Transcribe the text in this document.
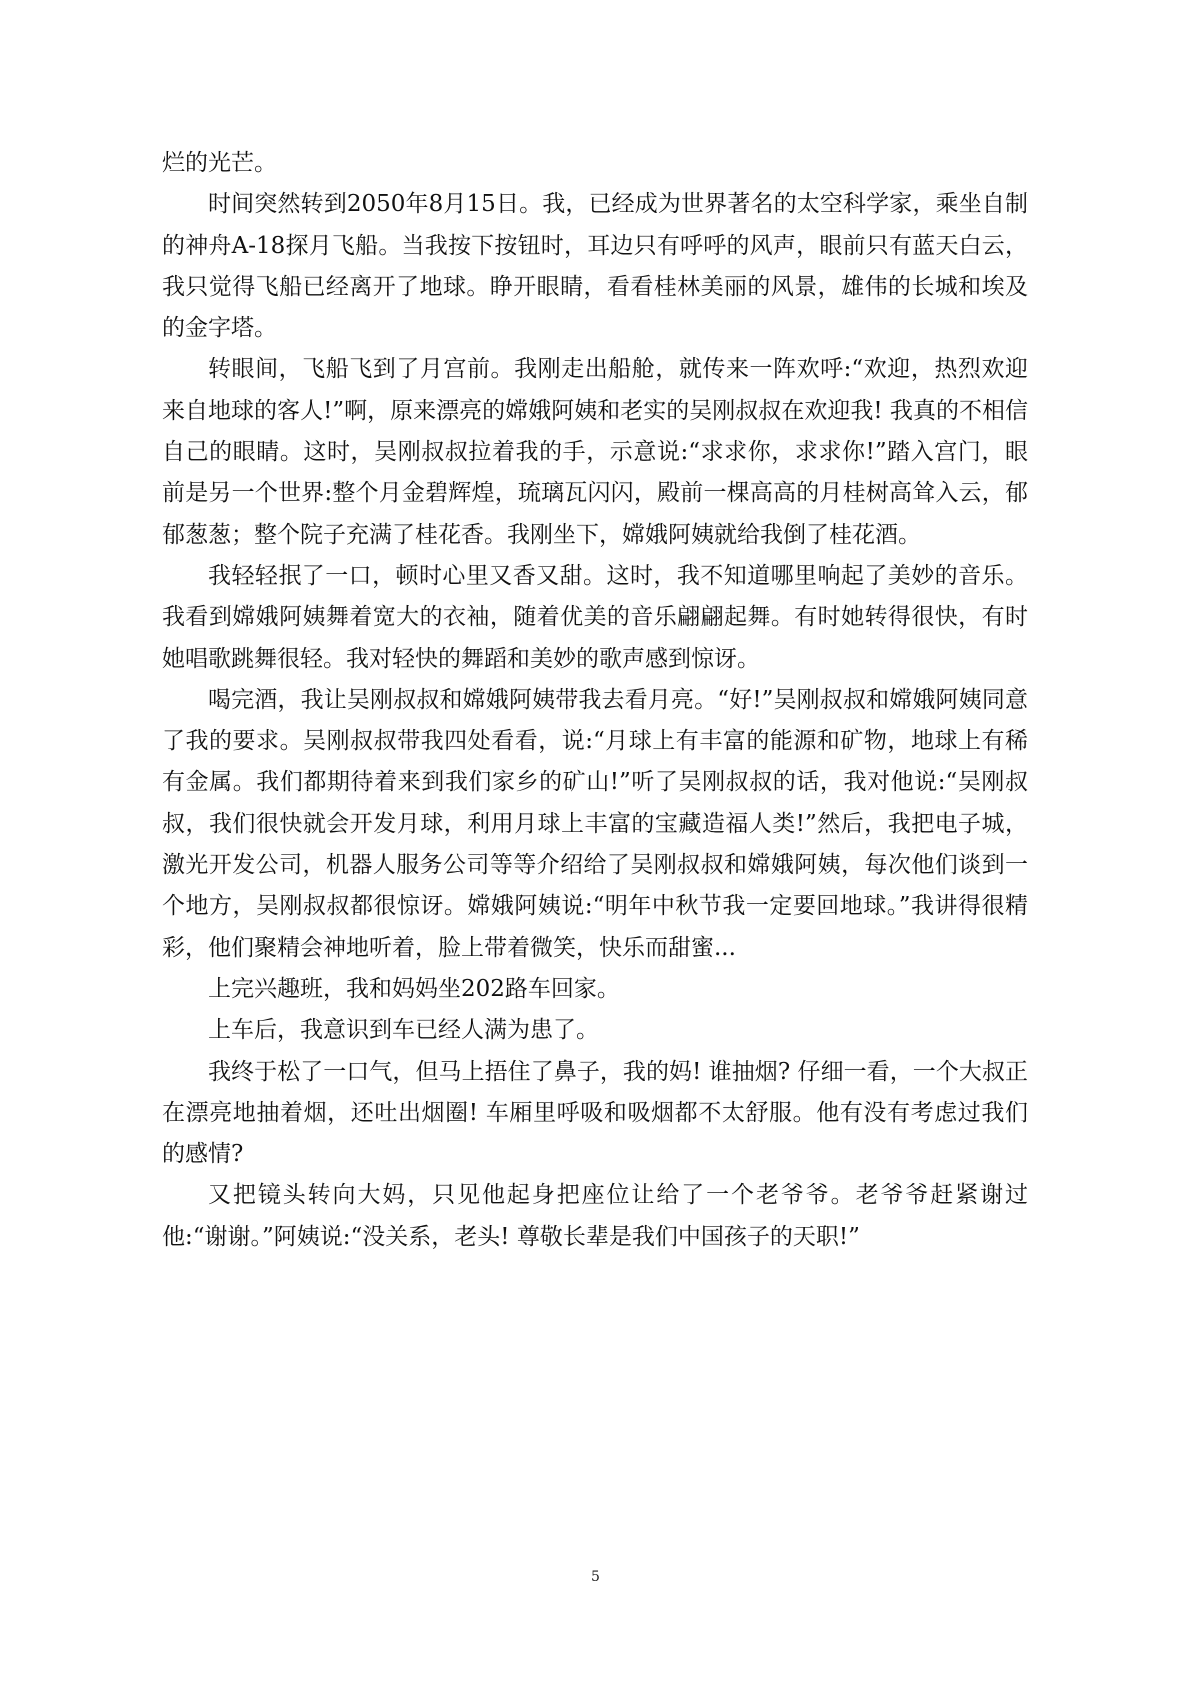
烂的光芒。

时间突然转到2050年8月15日。我，已经成为世界著名的太空科学家，乘坐自制的神舟A-18探月飞船。当我按下按钮时，耳边只有呼呼的风声，眼前只有蓝天白云，我只觉得飞船已经离开了地球。睁开眼睛，看看桂林美丽的风景，雄伟的长城和埃及的金字塔。

转眼间，飞船飞到了月宫前。我刚走出船舱，就传来一阵欢呼:“欢迎，热烈欢迎来自地球的客人!”啊，原来漂亮的嫦娥阿姨和老实的吴刚叔叔在欢迎我! 我真的不相信自己的眼睛。这时，吴刚叔叔拉着我的手，示意说:“求求你，求求你!”踏入宫门，眼前是另一个世界:整个月金碧辉煌，琉璃瓦闪闪，殿前一棵高高的月桂树高耸入云，郁郁葱葱；整个院子充满了桂花香。我刚坐下，嫦娥阿姨就给我倒了桂花酒。

我轻轻抿了一口，顿时心里又香又甜。这时，我不知道哪里响起了美妙的音乐。我看到嫦娥阿姨舞着宽大的衣袖，随着优美的音乐翩翩起舞。有时她转得很快，有时她唱歌跳舞很轻。我对轻快的舞蹈和美妙的歌声感到惊讶。

喝完酒，我让吴刚叔叔和嫦娥阿姨带我去看月亮。“好!”吴刚叔叔和嫦娥阿姨同意了我的要求。吴刚叔叔带我四处看看，说:“月球上有丰富的能源和矿物，地球上有稀有金属。我们都期待着来到我们家乡的矿山!”听了吴刚叔叔的话，我对他说:“吴刚叔叔，我们很快就会开发月球，利用月球上丰富的宝藏造福人类!”然后，我把电子城，激光开发公司，机器人服务公司等等介绍给了吴刚叔叔和嫦娥阿姨，每次他们谈到一个地方，吴刚叔叔都很惊讶。嫦娥阿姨说:“明年中秋节我一定要回地球。”我讲得很精彩，他们聚精会神地听着，脸上带着微笑，快乐而甜蜜...

上完兴趣班，我和妈妈坐202路车回家。

上车后，我意识到车已经人满为患了。

我终于松了一口气，但马上捂住了鼻子，我的妈! 谁抽烟? 仔细一看，一个大叔正在漂亮地抽着烟，还吐出烟圈! 车厢里呼吸和吸烟都不太舒服。他有没有考虑过我们的感情?

又把镜头转向大妈，只见他起身把座位让给了一个老爷爷。老爷爷赶紧谢过他:“谢谢。”阿姨说:“没关系，老头! 尊敬长辈是我们中国孩子的天职!”

5
